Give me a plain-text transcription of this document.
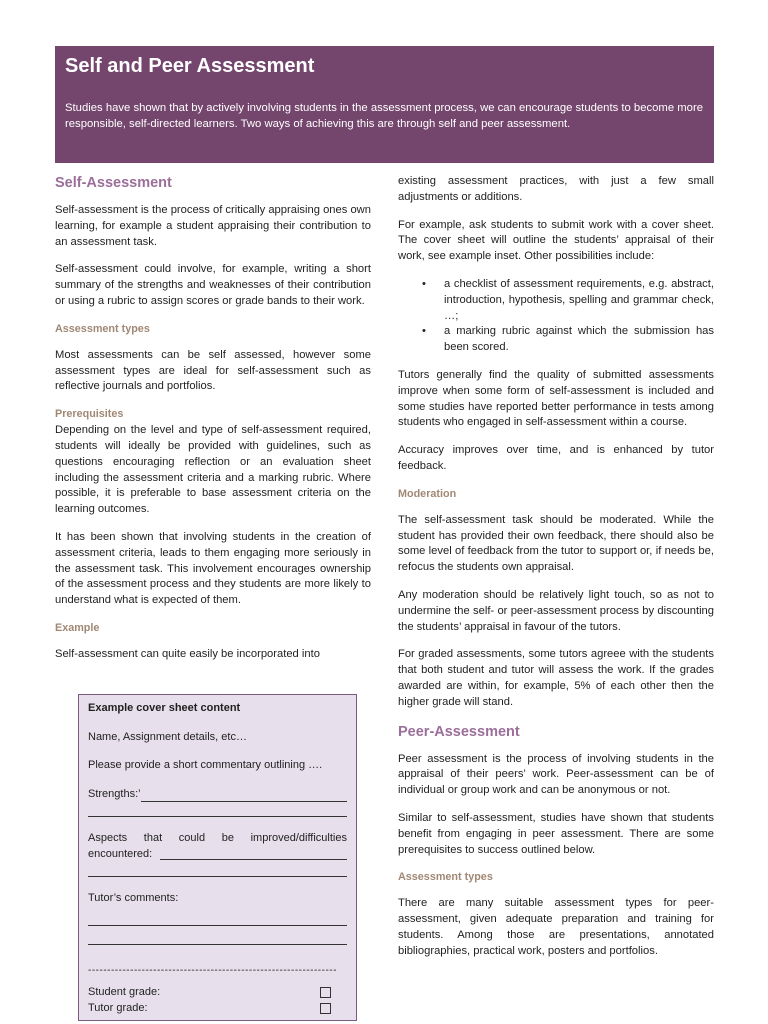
Self and Peer Assessment

Studies have shown that by actively involving students in the assessment process, we can encourage students to become more responsible, self-directed learners. Two ways of achieving this are through self and peer assessment.

Self-Assessment

Self-assessment is the process of critically appraising ones own learning, for example a student appraising their contribution to an assessment task.

Self-assessment could involve, for example, writing a short summary of the strengths and weaknesses of their contribution or using a rubric to assign scores or grade bands to their work.

Assessment types

Most assessments can be self assessed, however some assessment types are ideal for self-assessment such as reflective journals and portfolios.

Prerequisites

Depending on the level and type of self-assessment required, students will ideally be provided with guidelines, such as questions encouraging reflection or an evaluation sheet including the assessment criteria and a marking rubric. Where possible, it is preferable to base assessment criteria on the learning outcomes.

It has been shown that involving students in the creation of assessment criteria, leads to them engaging more seriously in the assessment task. This involvement encourages ownership of the assessment process and they students are more likely to understand what is expected of them.

Example

Self-assessment can quite easily be incorporated into

Example cover sheet content
Name, Assignment details, etc…
Please provide a short commentary outlining ….
Strengths:’
Aspects that could be improved/difficulties encountered:
Tutor’s comments:
-----------------------------------------------------------------
Student grade:
Tutor grade:

existing assessment practices, with just a few small adjustments or additions.

For example, ask students to submit work with a cover sheet. The cover sheet will outline the students’ appraisal of their work, see example inset. Other possibilities include:

• a checklist of assessment requirements, e.g. abstract, introduction, hypothesis, spelling and grammar check, …;
• a marking rubric against which the submission has been scored.

Tutors generally find the quality of submitted assessments improve when some form of self-assessment is included and some studies have reported better performance in tests among students who engaged in self-assessment within a course.

Accuracy improves over time, and is enhanced by tutor feedback.

Moderation

The self-assessment task should be moderated. While the student has provided their own feedback, there should also be some level of feedback from the tutor to support or, if needs be, refocus the students own appraisal.

Any moderation should be relatively light touch, so as not to undermine the self- or peer-assessment process by discounting the students’ appraisal in favour of the tutors.

For graded assessments, some tutors agreee with the students that both student and tutor will assess the work. If the grades awarded are within, for example, 5% of each other then the higher grade will stand.

Peer-Assessment

Peer assessment is the process of involving students in the appraisal of their peers’ work. Peer-assessment can be of individual or group work and can be anonymous or not.

Similar to self-assessment, studies have shown that students benefit from engaging in peer assessment. There are some prerequisites to success outlined below.

Assessment types

There are many suitable assessment types for peer-assessment, given adequate preparation and training for students. Among those are presentations, annotated bibliographies, practical work, posters and portfolios.
